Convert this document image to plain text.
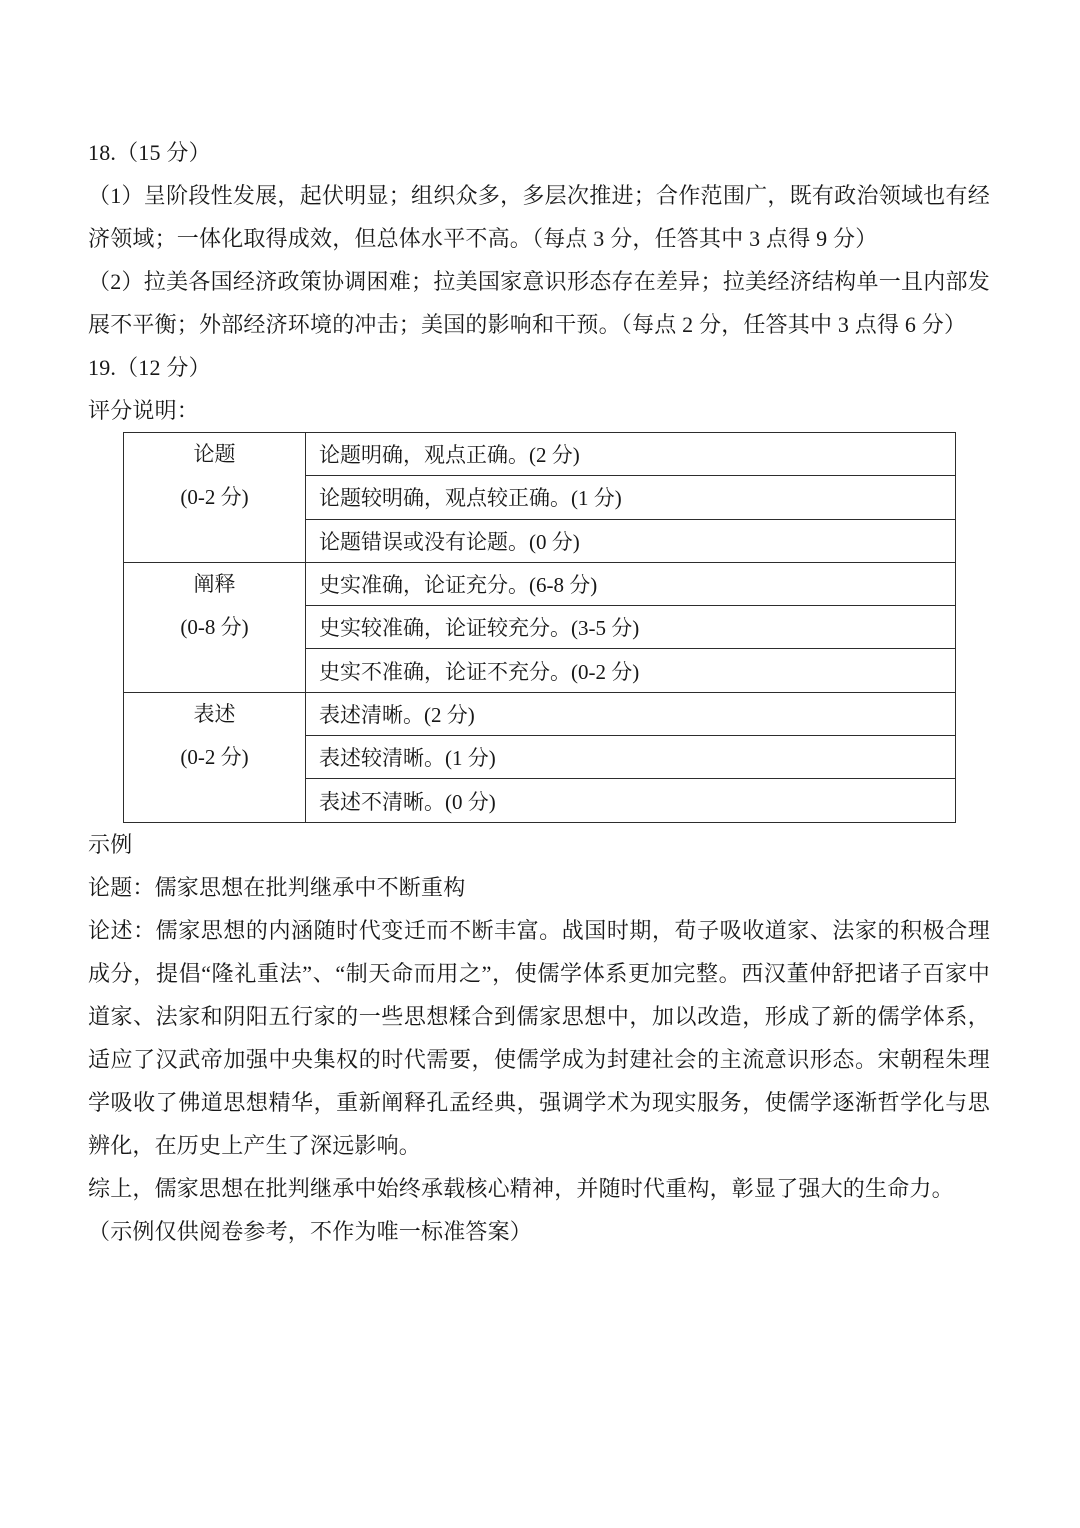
18.（15 分）

（1）呈阶段性发展，起伏明显；组织众多，多层次推进；合作范围广，既有政治领域也有经济领域；一体化取得成效，但总体水平不高。（每点 3 分，任答其中 3 点得 9 分）

（2）拉美各国经济政策协调困难；拉美国家意识形态存在差异；拉美经济结构单一且内部发展不平衡；外部经济环境的冲击；美国的影响和干预。（每点 2 分，任答其中 3 点得 6 分）

19.（12 分）

评分说明：

论题
(0-2 分)	论题明确，观点正确。(2 分)
	论题较明确，观点较正确。(1 分)
	论题错误或没有论题。(0 分)

阐释
(0-8 分)	史实准确，论证充分。(6-8 分)
	史实较准确，论证较充分。(3-5 分)
	史实不准确，论证不充分。(0-2 分)

表述
(0-2 分)	表述清晰。(2 分)
	表述较清晰。(1 分)
	表述不清晰。(0 分)

示例

论题：儒家思想在批判继承中不断重构

论述：儒家思想的内涵随时代变迁而不断丰富。战国时期，荀子吸收道家、法家的积极合理成分，提倡“隆礼重法”、“制天命而用之”，使儒学体系更加完整。西汉董仲舒把诸子百家中道家、法家和阴阳五行家的一些思想糅合到儒家思想中，加以改造，形成了新的儒学体系，适应了汉武帝加强中央集权的时代需要，使儒学成为封建社会的主流意识形态。宋朝程朱理学吸收了佛道思想精华，重新阐释孔孟经典，强调学术为现实服务，使儒学逐渐哲学化与思辨化，在历史上产生了深远影响。

综上，儒家思想在批判继承中始终承载核心精神，并随时代重构，彰显了强大的生命力。

（示例仅供阅卷参考，不作为唯一标准答案）
